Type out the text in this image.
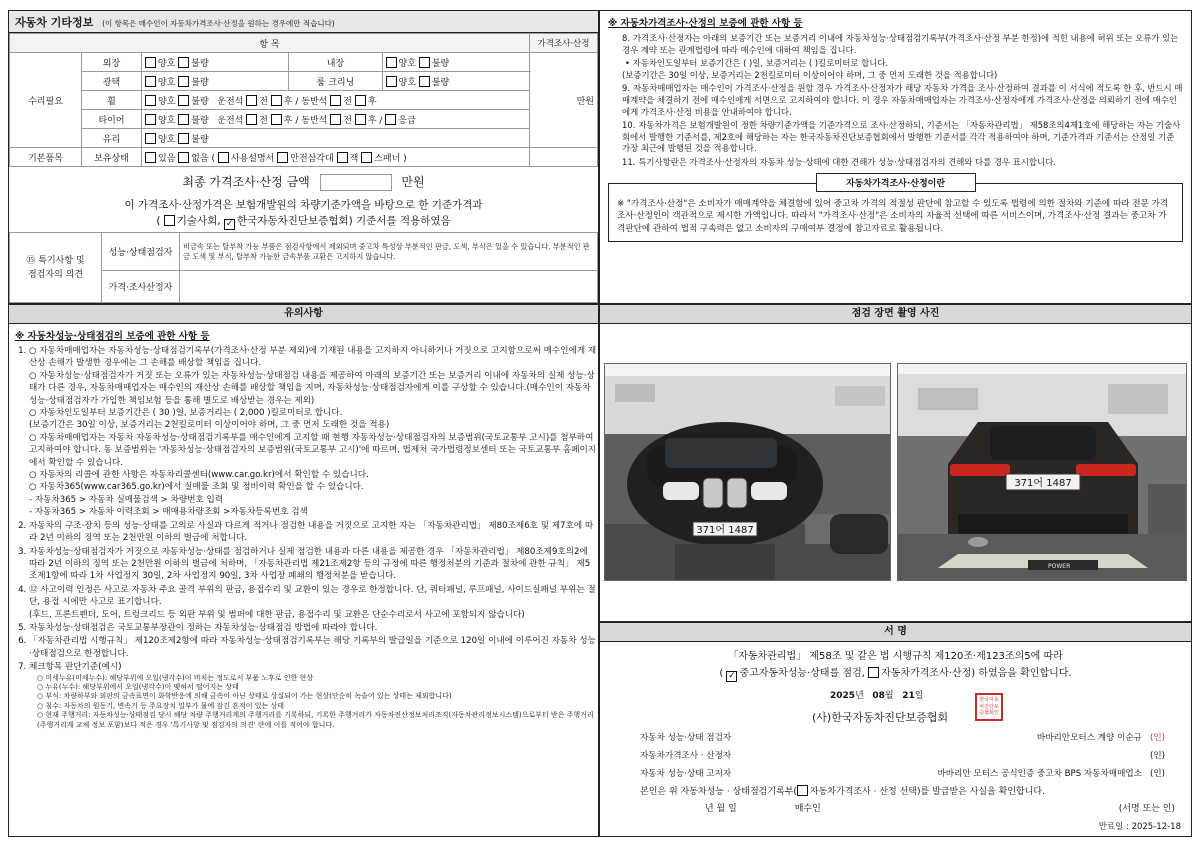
자동차 기타정보 (이 항목은 매수인이 자동차가격조사·산정을 원하는 경우에만 적습니다)
항 목					가격조사·산정
수리필요	외장	양호 불량	내장	양호 불량	만원
	광택	양호 불량	룸 크리닝	양호 불량	
	휠	양호 불량 운전석 전 후 / 동반석 전 후			
	타이어	양호 불량 운전석 전 후 / 동반석 전 후 / 응급			
	유리	양호 불량			
기본품목	보유상태	있음 없음 ( 사용설명서 안전삼각대 잭 스패너 )			
최종 가격조사·산정 금액	만원
이 가격조사·산정가격은 보험개발원의 차량기준가액을 바탕으로 한 기준가격과
( 기술사회, ✓ 한국자동차진단보증협회) 기준서를 적용하였음
⑮ 특기사항 및
점검자의 의견	성능·상태점검자	비금속 또는 탈부착 가능 부품은 점검사항에서 제외되며 중고차 특성상 부분적인 판금, 도색, 부식은 있을 수 있습니다. 부분적인 판금 도색 및 부식, 탈부착 가능한 금속부품 교환은 고지하지 않습니다.
	가격·조사산정자	
※ 자동차가격조사·산정의 보증에 관한 사항 등
8. 가격조사·산정자는 아래의 보증기간 또는 보증거리 이내에 자동차성능·상태점검기록부(가격조사·산정 부분 한정)에 적힌 내용에 허위 또는 오류가 있는 경우 계약 또는 관계법령에 따라 매수인에 대하여 책임을 집니다.
• 자동차인도일부터 보증기간은 ( )일, 보증거리는 ( )킬로미터로 합니다.
(보증기간은 30일 이상, 보증거리는 2천킬로미터 이상이어야 하며, 그 중 먼저 도래한 것을 적용합니다)
9. 자동차매매업자는 매수인이 가격조사·산정을 원할 경우 가격조사·산정자가 해당 자동차 가격을 조사·산정하여 결과를 이 서식에 적도록 한 후, 반드시 매매계약을 체결하기 전에 매수인에게 서면으로 고지하여야 합니다. 이 경우 자동차매매업자는 가격조사·산정자에게 가격조사·산정을 의뢰하기 전에 매수인에게 가격조사·산정 비용을 안내하여야 합니다.
10. 자동차가격은 보험개발원이 정한 차량기준가액을 기준가격으로 조사·산정하되, 기준서는 「자동차관리법」 제58조의4제1호에 해당하는 자는 기술사회에서 발행한 기준서를, 제2호에 해당하는 자는 한국자동차진단보증협회에서 발행한 기준서를 각각 적용하여야 하며, 기준가격과 기준서는 산정일 기준 가장 최근에 발행된 것을 적용합니다.
11. 특기사항란은 가격조사·산정자의 자동차 성능·상태에 대한 견해가 성능·상태점검자의 견해와 다를 경우 표시합니다.
자동차가격조사·산정이란
※ "가격조사·산정"은 소비자가 매매계약을 체결함에 있어 중고차 가격의 적절성 판단에 참고할 수 있도록 법령에 의한 절차와 기준에 따라 전문 가격조사·산정인이 객관적으로 제시한 가액입니다. 따라서 "가격조사·산정"은 소비자의 자율적 선택에 따른 서비스이며, 가격조사·산정 결과는 중고차 가격판단에 관하여 법적 구속력은 없고 소비자의 구매여부 결정에 참고자료로 활용됩니다.
유의사항
※ 자동차성능·상태점검의 보증에 관한 사항 등
1. ○ 자동차매매업자는 자동차성능·상태점검기록부(가격조사·산정 부분 제외)에 기재된 내용을 고지하지 아니하거나 거짓으로 고지함으로써 매수인에게 재산상 손해가 발생한 경우에는 그 손해를 배상할 책임을 집니다.
○ 자동차성능·상태점검자가 거짓 또는 오류가 있는 자동차성능·상태점검 내용을 제공하여 아래의 보증기간 또는 보증거리 이내에 자동차의 실제 성능·상태가 다른 경우, 자동차매매업자는 매수인의 재산상 손해를 배상할 책임을 지며, 자동차성능·상태점검자에게 이를 구상할 수 있습니다.(매수인이 자동차성능·상태점검자가 가입한 책임보험 등을 통해 별도로 배상받는 경우는 제외)
○ 자동차인도일부터 보증기간은 ( 30 )일, 보증거리는 ( 2,000 )킬로미터로 합니다.
(보증기간은 30일 이상, 보증거리는 2천킬로미터 이상이어야 하며, 그 중 먼저 도래한 것을 적용)
○ 자동차매매업자는 자동차 자동차성능·상태점검기록부를 매수인에게 고지할 때 현행 자동차성능·상태점검자의 보증범위(국토교통부 고시)를 첨부하여 고지하여야 합니다. 동 보증범위는 '자동차성능·상태점검자의 보증범위(국토교통부 고시)'에 따르며, 법제처 국가법령정보센터 또는 국토교통부 홈페이지에서 확인할 수 있습니다.
○ 자동차의 리콜에 관한 사항은 자동차리콜센터(www.car.go.kr)에서 확인할 수 있습니다.
○ 자동차365(www.car365.go.kr)에서 실매물 조회 및 정비이력 확인을 할 수 있습니다.
- 자동차365 > 자동차 실매물검색 > 차량번호 입력
- 자동차365 > 자동차 이력조회 > 매매용차량조회 >자동차등록번호 검색
2. 자동차의 구조·장치 등의 성능·상태를 고의로 사실과 다르게 적거나 점검한 내용을 거짓으로 고지한 자는 「자동차관리법」 제80조제6호 및 제7호에 따라 2년 이하의 징역 또는 2천만원 이하의 벌금에 처합니다.
3. 자동차성능·상태점검자가 거짓으로 자동차성능·상태를 점검하거나 실제 점검한 내용과 다른 내용을 제공한 경우 「자동차관리법」 제80조제9호의2에 따라 2년 이하의 징역 또는 2천만원 이하의 벌금에 처하며, 「자동차관리법 제21조제2항 등의 규정에 따른 행정처분의 기준과 절차에 관한 규칙」 제5조제1항에 따라 1차 사업정지 30일, 2차 사업정지 90일, 3차 사업장 폐쇄의 행정처분을 받습니다.
4. ⑫ 사고이력 인정은 사고로 자동차 주요 골격 부위의 판금, 용접수리 및 교환이 있는 경우로 한정합니다. 단, 쿼터패널, 루프패널, 사이드실패널 부위는 절단, 용접 시에만 사고로 표기합니다.
(후드, 프론트펜더, 도어, 트렁크리드 등 외판 부위 및 범퍼에 대한 판금, 용접수리 및 교환은 단순수리로서 사고에 포함되지 않습니다)
5. 자동차성능·상태점검은 국토교통부장관이 정하는 자동차성능·상태점검 방법에 따라야 합니다.
6. 「자동차관리법 시행규칙」 제120조제2항에 따라 자동차성능·상태점검기록부는 해당 기록부의 발급일을 기준으로 120일 이내에 이루어진 자동차 성능·상태점검으로 한정합니다.
7. 체크항목 판단기준(예시)
○ 미세누유(미세누수): 해당부위에 오일(냉각수)이 비치는 정도로서 부품 노후로 인한 현상
○ 누유(누수): 해당부위에서 오일(냉각수)이 맺혀서 떨어지는 상태
○ 부식: 차량하부와 외판의 금속표면이 화학반응에 의해 금속이 아닌 상태로 상실되어 가는 현상(단순히 녹슬어 있는 상태는 제외합니다)
○ 침수: 자동차의 원동기, 변속기 등 주요장치 일부가 물에 잠긴 흔적이 있는 상태
○ 현재 주행거리: 자동차성능·상태점검 당시 해당 차량 주행거리계의 주행거리를 기록하되, 기록한 주행거리가 자동차전산정보처리조직(자동차관리정보시스템)으로부터 받은 주행거리(주행거리계 교체 정보 포함)보다 적은 경우 '특기사항 및 점검자의 의견' 란에 이를 적어야 합니다.
점검 장면 촬영 사진
371어 1487
POWER
371어 1487
서 명
「자동차관리법」 제58조 및 같은 법 시행규칙 제120조·제123조의5에 따라
( ✓ 중고자동차성능·상태를 점검, 자동차가격조사·산정) 하였음을 확인합니다.
2025년 08월 21일
(사)한국자동차진단보증협회
한국자동차진단보증협회인
자동차 성능·상태 점검자	바바리안모터스 계양 이순규 (인)
자동차가격조사 · 산정자	(인)
자동차 성능·상태 고지자	바바리안 모터스 공식인증 중고차 BPS 자동차매매업소 (인)
본인은 위 자동차성능 · 상태점검기록부( 자동차가격조사 · 산정 선택)를 발급받은 사실을 확인합니다.
년 월 일	매수인	(서명 또는 인)
만료일 : 2025-12-18
